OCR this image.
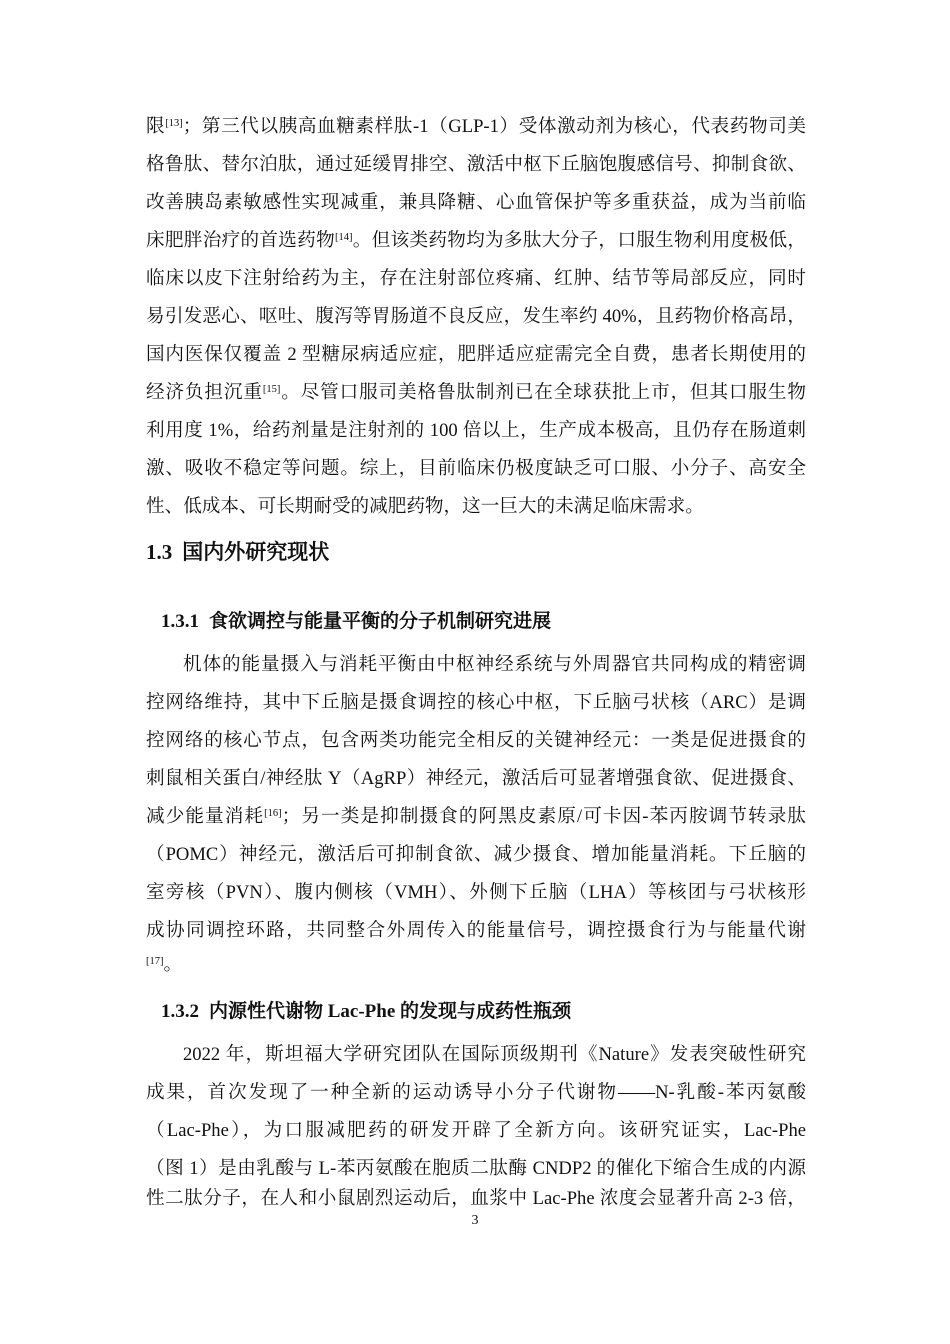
限[13]；第三代以胰高血糖素样肽-1（GLP-1）受体激动剂为核心，代表药物司美
格鲁肽、替尔泊肽，通过延缓胃排空、激活中枢下丘脑饱腹感信号、抑制食欲、
改善胰岛素敏感性实现减重，兼具降糖、心血管保护等多重获益，成为当前临
床肥胖治疗的首选药物[14]。但该类药物均为多肽大分子，口服生物利用度极低，
临床以皮下注射给药为主，存在注射部位疼痛、红肿、结节等局部反应，同时
易引发恶心、呕吐、腹泻等胃肠道不良反应，发生率约 40%，且药物价格高昂，
国内医保仅覆盖 2 型糖尿病适应症，肥胖适应症需完全自费，患者长期使用的
经济负担沉重[15]。尽管口服司美格鲁肽制剂已在全球获批上市，但其口服生物
利用度 1%，给药剂量是注射剂的 100 倍以上，生产成本极高，且仍存在肠道刺
激、吸收不稳定等问题。综上，目前临床仍极度缺乏可口服、小分子、高安全
性、低成本、可长期耐受的减肥药物，这一巨大的未满足临床需求。
1.3 国内外研究现状
1.3.1 食欲调控与能量平衡的分子机制研究进展
机体的能量摄入与消耗平衡由中枢神经系统与外周器官共同构成的精密调
控网络维持，其中下丘脑是摄食调控的核心中枢，下丘脑弓状核（ARC）是调
控网络的核心节点，包含两类功能完全相反的关键神经元：一类是促进摄食的
刺鼠相关蛋白/神经肽 Y（AgRP）神经元，激活后可显著增强食欲、促进摄食、
减少能量消耗[16]；另一类是抑制摄食的阿黑皮素原/可卡因-苯丙胺调节转录肽
（POMC）神经元，激活后可抑制食欲、减少摄食、增加能量消耗。下丘脑的
室旁核（PVN）、腹内侧核（VMH）、外侧下丘脑（LHA）等核团与弓状核形
成协同调控环路，共同整合外周传入的能量信号，调控摄食行为与能量代谢
[17]。
1.3.2 内源性代谢物 Lac-Phe 的发现与成药性瓶颈
2022 年，斯坦福大学研究团队在国际顶级期刊《Nature》发表突破性研究
成果，首次发现了一种全新的运动诱导小分子代谢物——N-乳酸-苯丙氨酸
（Lac-Phe），为口服减肥药的研发开辟了全新方向。该研究证实，Lac-Phe
（图 1）是由乳酸与 L-苯丙氨酸在胞质二肽酶 CNDP2 的催化下缩合生成的内源
性二肽分子，在人和小鼠剧烈运动后，血浆中 Lac-Phe 浓度会显著升高 2-3 倍，
3
